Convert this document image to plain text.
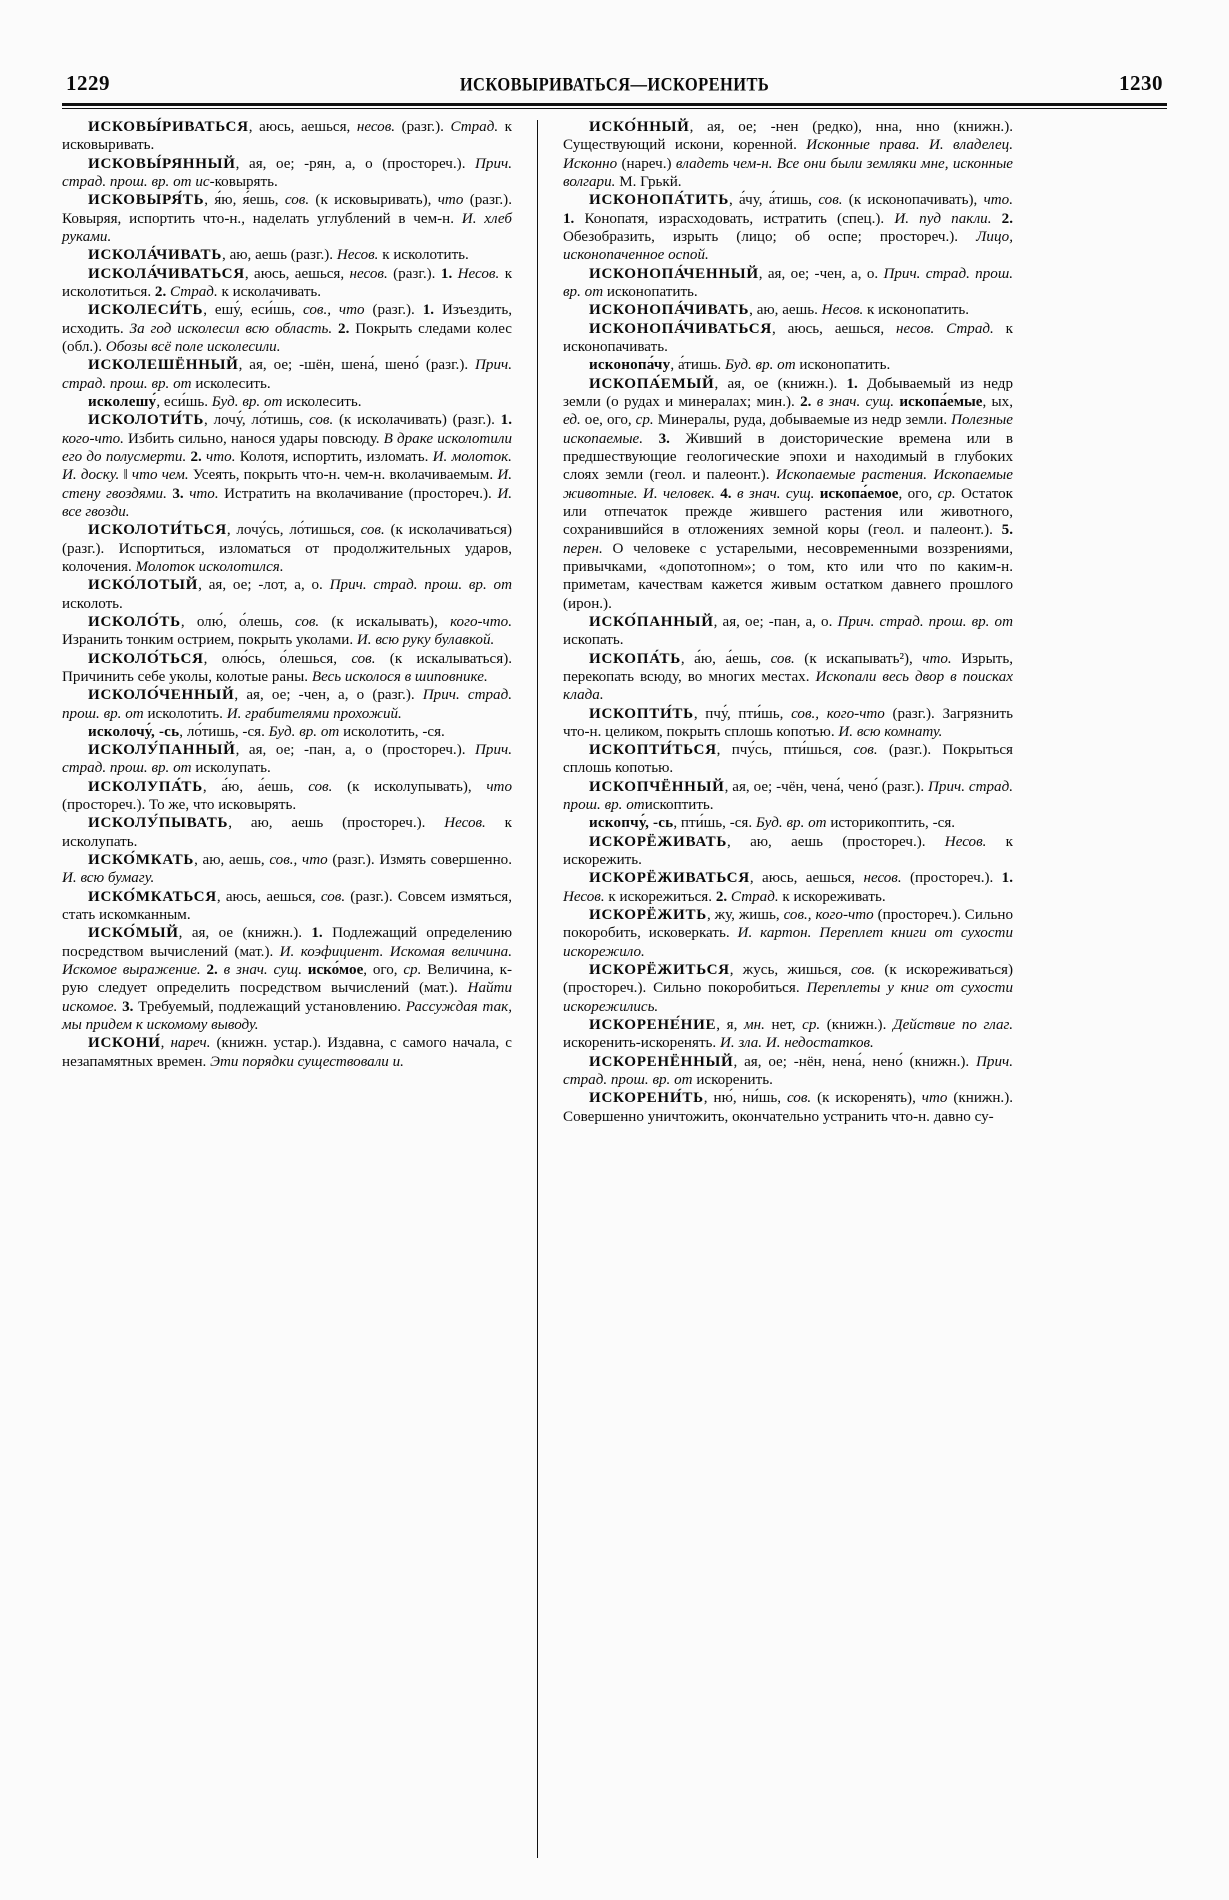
1229	ИСКОВЫРИВАТЬСЯ—ИСКОРЕНИТЬ	1230

ИСКОВЫ́РИВАТЬСЯ, аюсь, аешься, несов. (разг.). Страд. к исковыривать.

ИСКОВЫ́РЯННЫЙ, ая, ое; -рян, а, о (простореч.). Прич. страд. прош. вр. от ис-ковырять.

ИСКОВЫРЯ́ТЬ, я́ю, я́ешь, сов. (к исковыривать), что (разг.). Ковыряя, испортить что-н., наделать углублений в чем-н. И. хлеб руками.

ИСКОЛА́ЧИВАТЬ, аю, аешь (разг.). Несов. к исколотить.

ИСКОЛА́ЧИВАТЬСЯ, аюсь, аешься, несов. (разг.). 1. Несов. к исколотиться. 2. Страд. к исколачивать.

ИСКОЛЕСИ́ТЬ, ешу́, еси́шь, сов., что (разг.). 1. Изъездить, исходить. За год исколесил всю область. 2. Покрыть следами колес (обл.). Обозы всё поле исколесили.

ИСКОЛЕШЁННЫЙ, ая, ое; -шён, шена́, шено́ (разг.). Прич. страд. прош. вр. от исколесить.

исколешу́, еси́шь. Буд. вр. от исколесить.

ИСКОЛОТИ́ТЬ, лочу́, ло́тишь, сов. (к исколачивать) (разг.). 1. кого-что. Избить сильно, нанося удары повсюду. В драке исколотили его до полусмерти. 2. что. Колотя, испортить, изломать. И. молоток. И. доску. ‖ что чем. Усеять, покрыть что-н. чем-н. вколачиваемым. И. стену гвоздями. 3. что. Истратить на вколачивание (простореч.). И. все гвозди.

ИСКОЛОТИ́ТЬСЯ, лочу́сь, ло́тишься, сов. (к исколачиваться) (разг.). Испортиться, изломаться от продолжительных ударов, колочения. Молоток исколотился.

ИСКО́ЛОТЫЙ, ая, ое; -лот, а, о. Прич. страд. прош. вр. от исколоть.

ИСКОЛО́ТЬ, олю́, о́лешь, сов. (к искалывать), кого-что. Изранить тонким острием, покрыть уколами. И. всю руку булавкой.

ИСКОЛО́ТЬСЯ, олю́сь, о́лешься, сов. (к искалываться). Причинить себе уколы, колотые раны. Весь исколося в шиповнике.

ИСКОЛО́ЧЕННЫЙ, ая, ое; -чен, а, о (разг.). Прич. страд. прош. вр. от исколотить. И. грабителями прохожий.

исколочу́, -сь, ло́тишь, -ся. Буд. вр. от исколотить, -ся.

ИСКОЛУ́ПАННЫЙ, ая, ое; -пан, а, о (простореч.). Прич. страд. прош. вр. от исколупать.

ИСКОЛУПА́ТЬ, а́ю, а́ешь, сов. (к исколупывать), что (простореч.). То же, что исковырять.

ИСКОЛУ́ПЫВАТЬ, аю, аешь (простореч.). Несов. к исколупать.

ИСКО́МКАТЬ, аю, аешь, сов., что (разг.). Измять совершенно. И. всю бумагу.

ИСКО́МКАТЬСЯ, аюсь, аешься, сов. (разг.). Совсем измяться, стать искомканным.

ИСКО́МЫЙ, ая, ое (книжн.). 1. Подлежащий определению посредством вычислений (мат.). И. коэфициент. Искомая величина. Искомое выражение. 2. в знач. сущ. иско́мое, ого, ср. Величина, к-рую следует определить посредством вычислений (мат.). Найти искомое. 3. Требуемый, подлежащий установлению. Рассуждая так, мы придем к искомому выводу.

ИСКОНИ́, нареч. (книжн. устар.). Издавна, с самого начала, с незапамятных времен. Эти порядки существовали и.

ИСКО́ННЫЙ, ая, ое; -нен (редко), нна, нно (книжн.). Существующий искони, коренной. Исконные права. И. владелец. Исконно (нареч.) владеть чем-н. Все они были земляки мне, исконные волгари. М. Грькй.

ИСКОНОПА́ТИТЬ, а́чу, а́тишь, сов. (к исконопачивать), что. 1. Конопатя, израсходовать, истратить (спец.). И. пуд пакли. 2. Обезобразить, изрыть (лицо; об оспе; простореч.). Лицо, исконопаченное оспой.

ИСКОНОПА́ЧЕННЫЙ, ая, ое; -чен, а, о. Прич. страд. прош. вр. от исконопатить.

ИСКОНОПА́ЧИВАТЬ, аю, аешь. Несов. к исконопатить.

ИСКОНОПА́ЧИВАТЬСЯ, аюсь, аешься, несов. Страд. к исконопачивать.

исконопа́чу, а́тишь. Буд. вр. от исконопатить.

ИСКОПА́ЕМЫЙ, ая, ое (книжн.). 1. Добываемый из недр земли (о рудах и минералах; мин.). 2. в знач. сущ. ископа́емые, ых, ед. ое, ого, ср. Минералы, руда, добываемые из недр земли. Полезные ископаемые. 3. Живший в доисторические времена или в предшествующие геологические эпохи и находимый в глубоких слоях земли (геол. и палеонт.). Ископаемые растения. Ископаемые животные. И. человек. 4. в знач. сущ. ископа́емое, ого, ср. Остаток или отпечаток прежде жившего растения или животного, сохранившийся в отложениях земной коры (геол. и палеонт.). 5. перен. О человеке с устарелыми, несовременными воззрениями, привычками, «допотопном»; о том, кто или что по каким-н. приметам, качествам кажется живым остатком давнего прошлого (ирон.).

ИСКО́ПАННЫЙ, ая, ое; -пан, а, о. Прич. страд. прош. вр. от ископать.

ИСКОПА́ТЬ, а́ю, а́ешь, сов. (к искапывать²), что. Изрыть, перекопать всюду, во многих местах. Ископали весь двор в поисках клада.

ИСКОПТИ́ТЬ, пчу́, пти́шь, сов., кого-что (разг.). Загрязнить что-н. целиком, покрыть сплошь копотью. И. всю комнату.

ИСКОПТИ́ТЬСЯ, пчу́сь, пти́шься, сов. (разг.). Покрыться сплошь копотью.

ИСКОПЧЁННЫЙ, ая, ое; -чён, чена́, чено́ (разг.). Прич. страд. прош. вр. отископтить.

ископчу́, -сь, пти́шь, -ся. Буд. вр. от историкоптить, -ся.

ИСКОРЁЖИВАТЬ, аю, аешь (простореч.). Несов. к искорежить.

ИСКОРЁЖИВАТЬСЯ, аюсь, аешься, несов. (простореч.). 1. Несов. к искорежиться. 2. Страд. к искореживать.

ИСКОРЁЖИТЬ, жу, жишь, сов., кого-что (простореч.). Сильно покоробить, исковеркать. И. картон. Переплет книги от сухости искорежило.

ИСКОРЁЖИТЬСЯ, жусь, жишься, сов. (к искореживаться) (простореч.). Сильно покоробиться. Переплеты у книг от сухости искорежились.

ИСКОРЕНЕ́НИЕ, я, мн. нет, ср. (книжн.). Действие по глаг. искоренить-искоренять. И. зла. И. недостатков.

ИСКОРЕНЁННЫЙ, ая, ое; -нён, нена́, нено́ (книжн.). Прич. страд. прош. вр. от искоренить.

ИСКОРЕНИ́ТЬ, ню́, ни́шь, сов. (к искоренять), что (книжн.). Совершенно уничтожить, окончательно устранить что-н. давно су-
